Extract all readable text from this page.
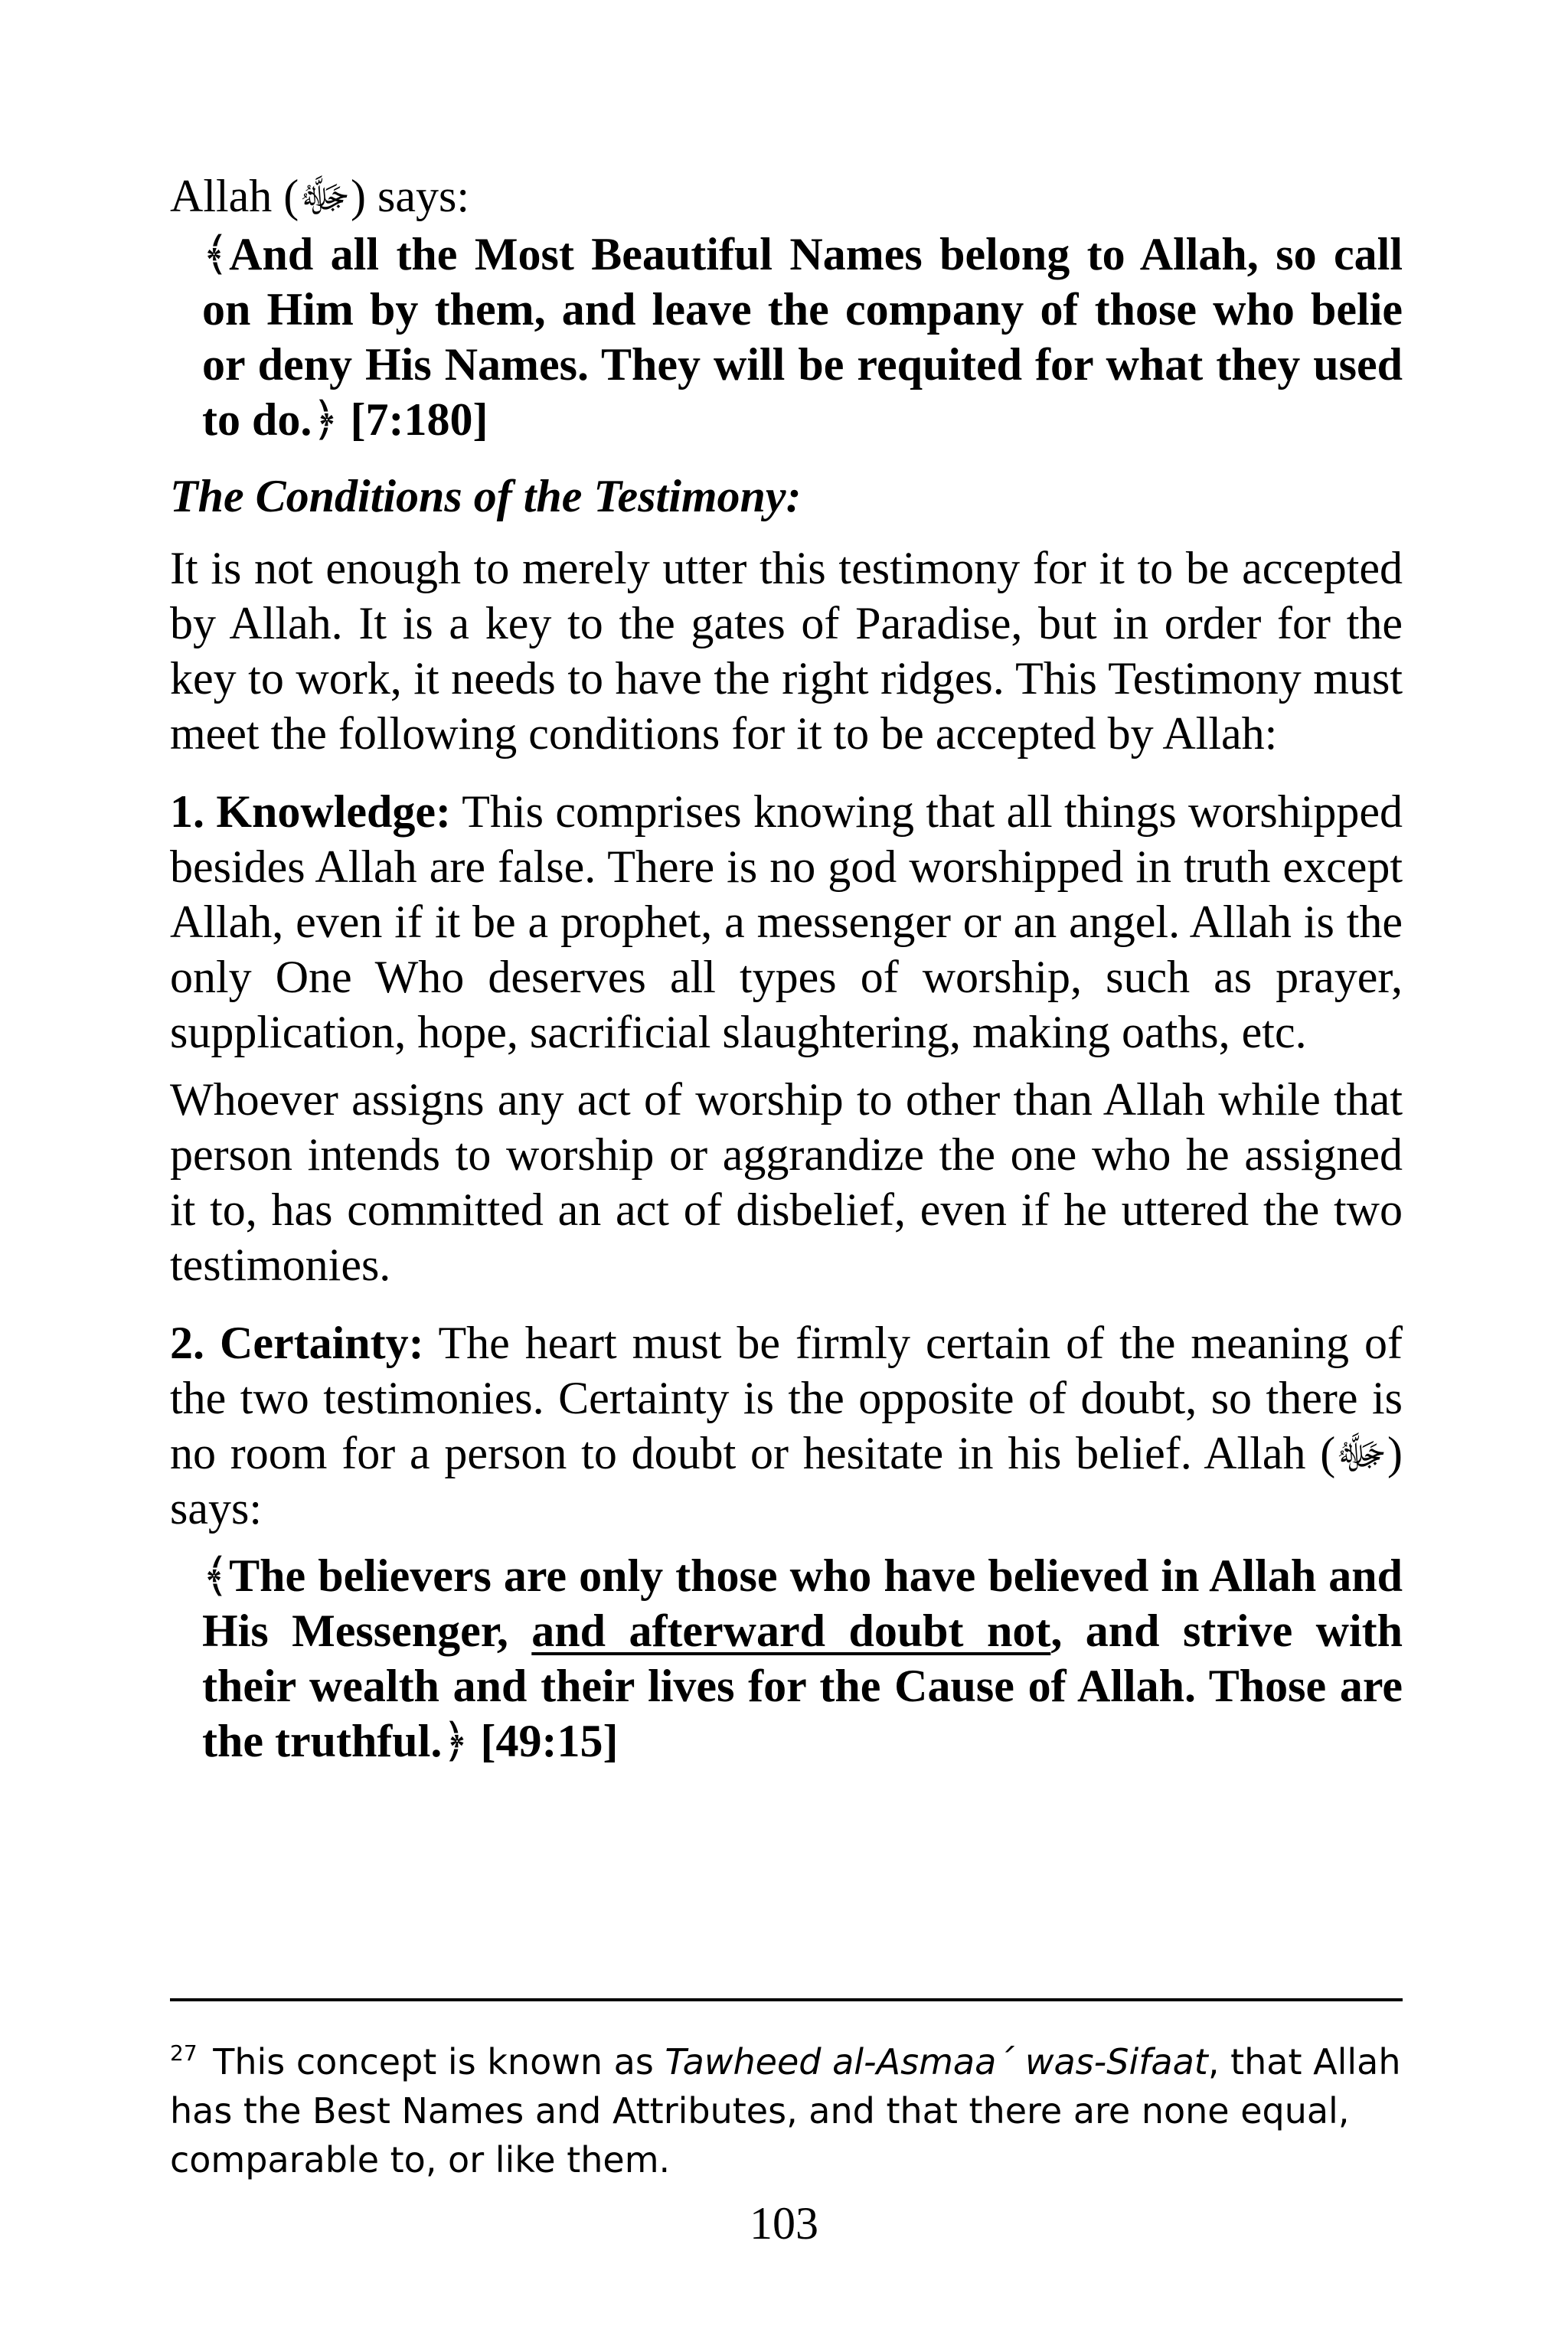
Allah (ﷻ) says:

﴾And all the Most Beautiful Names belong to Allah, so call on Him by them, and leave the company of those who belie or deny His Names. They will be requited for what they used to do.﴿ [7:180]

The Conditions of the Testimony:

It is not enough to merely utter this testimony for it to be accepted by Allah. It is a key to the gates of Paradise, but in order for the key to work, it needs to have the right ridges. This Testimony must meet the following conditions for it to be accepted by Allah:

1. Knowledge: This comprises knowing that all things worshipped besides Allah are false. There is no god worshipped in truth except Allah, even if it be a prophet, a messenger or an angel. Allah is the only One Who deserves all types of worship, such as prayer, supplication, hope, sacrificial slaughtering, making oaths, etc.

Whoever assigns any act of worship to other than Allah while that person intends to worship or aggrandize the one who he assigned it to, has committed an act of disbelief, even if he uttered the two testimonies.

2. Certainty: The heart must be firmly certain of the meaning of the two testimonies. Certainty is the opposite of doubt, so there is no room for a person to doubt or hesitate in his belief. Allah (ﷻ) says:

﴾The believers are only those who have believed in Allah and His Messenger, and afterward doubt not, and strive with their wealth and their lives for the Cause of Allah. Those are the truthful.﴿ [49:15]

$^{27}$ This concept is known as Tawheed al-Asmaa´ was-Sifaat, that Allah has the Best Names and Attributes, and that there are none equal, comparable to, or like them.
103
